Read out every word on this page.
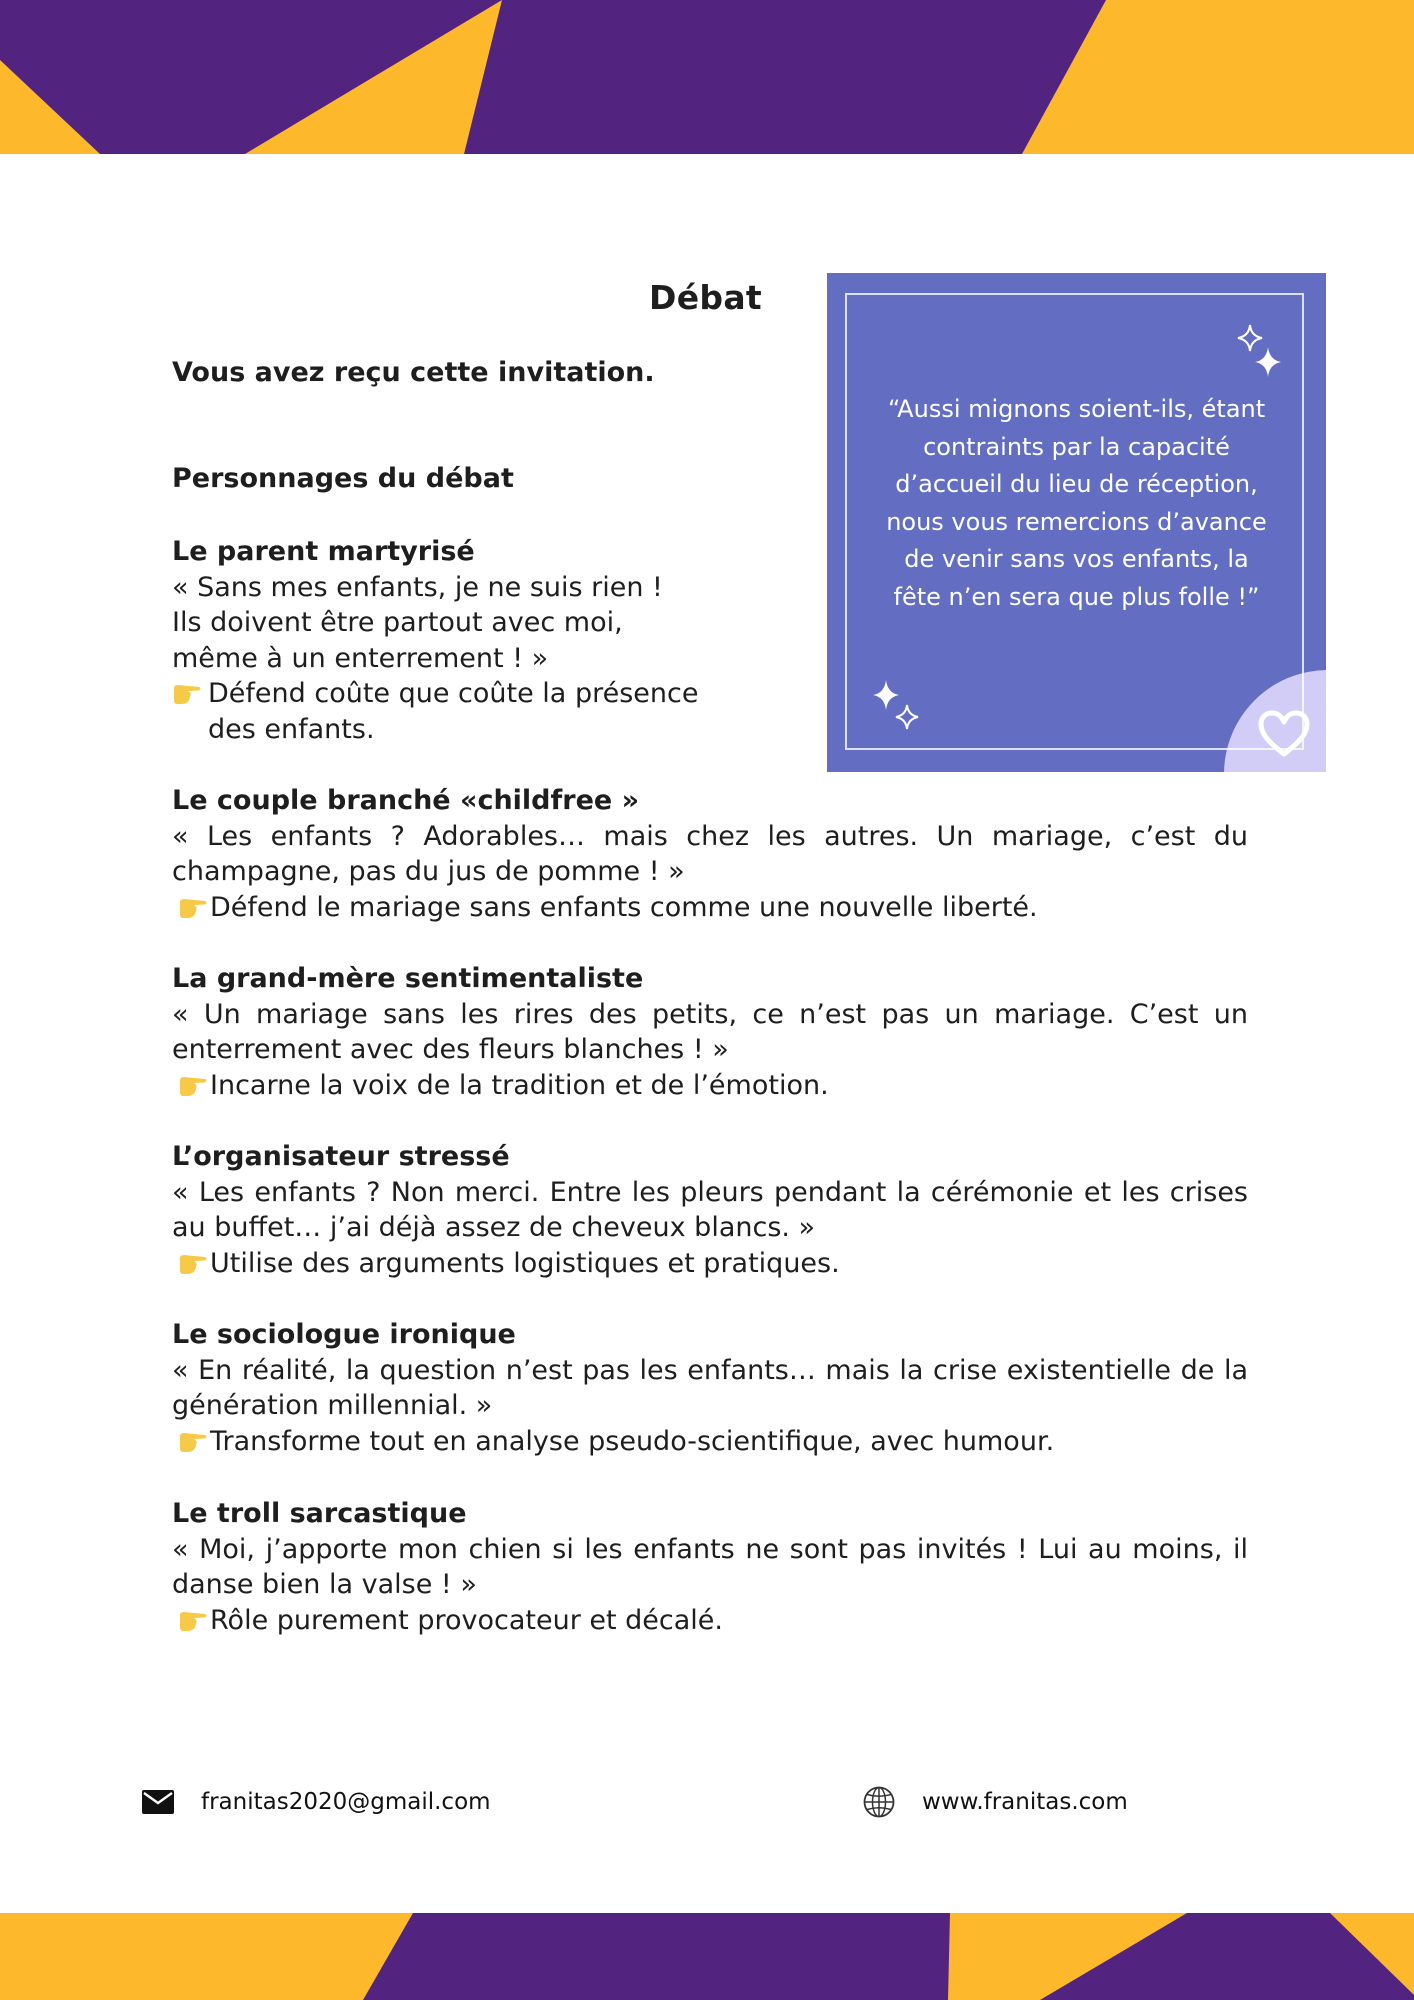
Débat
Vous avez reçu cette invitation.
Personnages du débat
Le parent martyrisé
« Sans mes enfants, je ne suis rien !
Ils doivent être partout avec moi,
même à un enterrement ! »
Défend coûte que coûte la présence
des enfants.
Le couple branché «childfree »
« Les enfants ? Adorables… mais chez les autres. Un mariage, c’est du champagne, pas du jus de pomme ! »
Défend le mariage sans enfants comme une nouvelle liberté.
La grand-mère sentimentaliste
« Un mariage sans les rires des petits, ce n’est pas un mariage. C’est un enterrement avec des fleurs blanches ! »
Incarne la voix de la tradition et de l’émotion.
L’organisateur stressé
« Les enfants ? Non merci. Entre les pleurs pendant la cérémonie et les crises au buffet… j’ai déjà assez de cheveux blancs. »
Utilise des arguments logistiques et pratiques.
Le sociologue ironique
« En réalité, la question n’est pas les enfants… mais la crise existentielle de la génération millennial. »
Transforme tout en analyse pseudo-scientifique, avec humour.
Le troll sarcastique
« Moi, j’apporte mon chien si les enfants ne sont pas invités ! Lui au moins, il danse bien la valse ! »
Rôle purement provocateur et décalé.
“Aussi mignons soient-ils, étant contraints par la capacité d’accueil du lieu de réception, nous vous remercions d’avance de venir sans vos enfants, la fête n’en sera que plus folle !”
franitas2020@gmail.com	www.franitas.com
